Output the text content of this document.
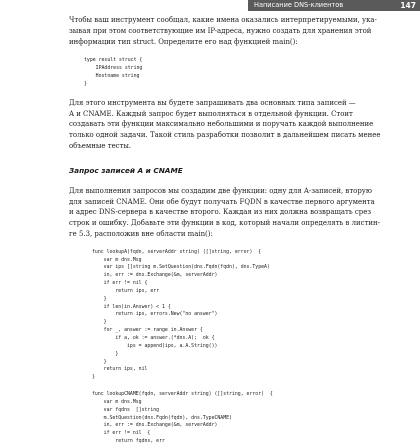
Написание DNS-клиентов	147

Чтобы ваш инструмент сообщал, какие имена оказались интерпретируемыми, ука-
зывая при этом соответствующие им IP-адреса, нужно создать для хранения этой
информации тип struct. Определите его над функцией main():

type result struct {
IPAddress string
Hostname string
}

Для этого инструмента вы будете запрашивать два основных типа записей —
A и CNAME. Каждый запрос будет выполняться в отдельной функции. Стоит
создавать эти функции максимально небольшими и поручать каждой выполнение
только одной задачи. Такой стиль разработки позволит в дальнейшем писать менее
объемные тесты.

Запрос записей A и CNAME

Для выполнения запросов мы создадим две функции: одну для A-записей, вторую
для записей CNAME. Они обе будут получать FQDN в качестве первого аргумента
и адрес DNS-сервера в качестве второго. Каждая из них должна возвращать срез
строк и ошибку. Добавьте эти функции в код, который начали определять в листин-
ге 5.3, расположив вне области main():

func lookupA(fqdn, serverAddr string) ([]string, error)  {
var m dns.Msg
var ips []string m.SetQuestion(dns.Fqdn(fqdn), dns.TypeA)
in, err := dns.Exchange(&m, serverAddr)
if err != nil {
return ips, err
}
if len(in.Answer) < 1 {
return ips, errors.New("no answer")
}
for _, answer := range in.Answer {
if a, ok := answer.(*dns.A);  ok {
ips = append(ips, a.A.String())
}
}
return ips, nil
}
func lookupCNAME(fqdn, serverAddr string) ([]string, error)  {
var m dns.Msg
var fqdns  []string
m.SetQuestion(dns.Fqdn(fqdn), dns.TypeCNAME)
in, err := dns.Exchange(&m, serverAddr)
if err != nil  {
return fqdns, err
